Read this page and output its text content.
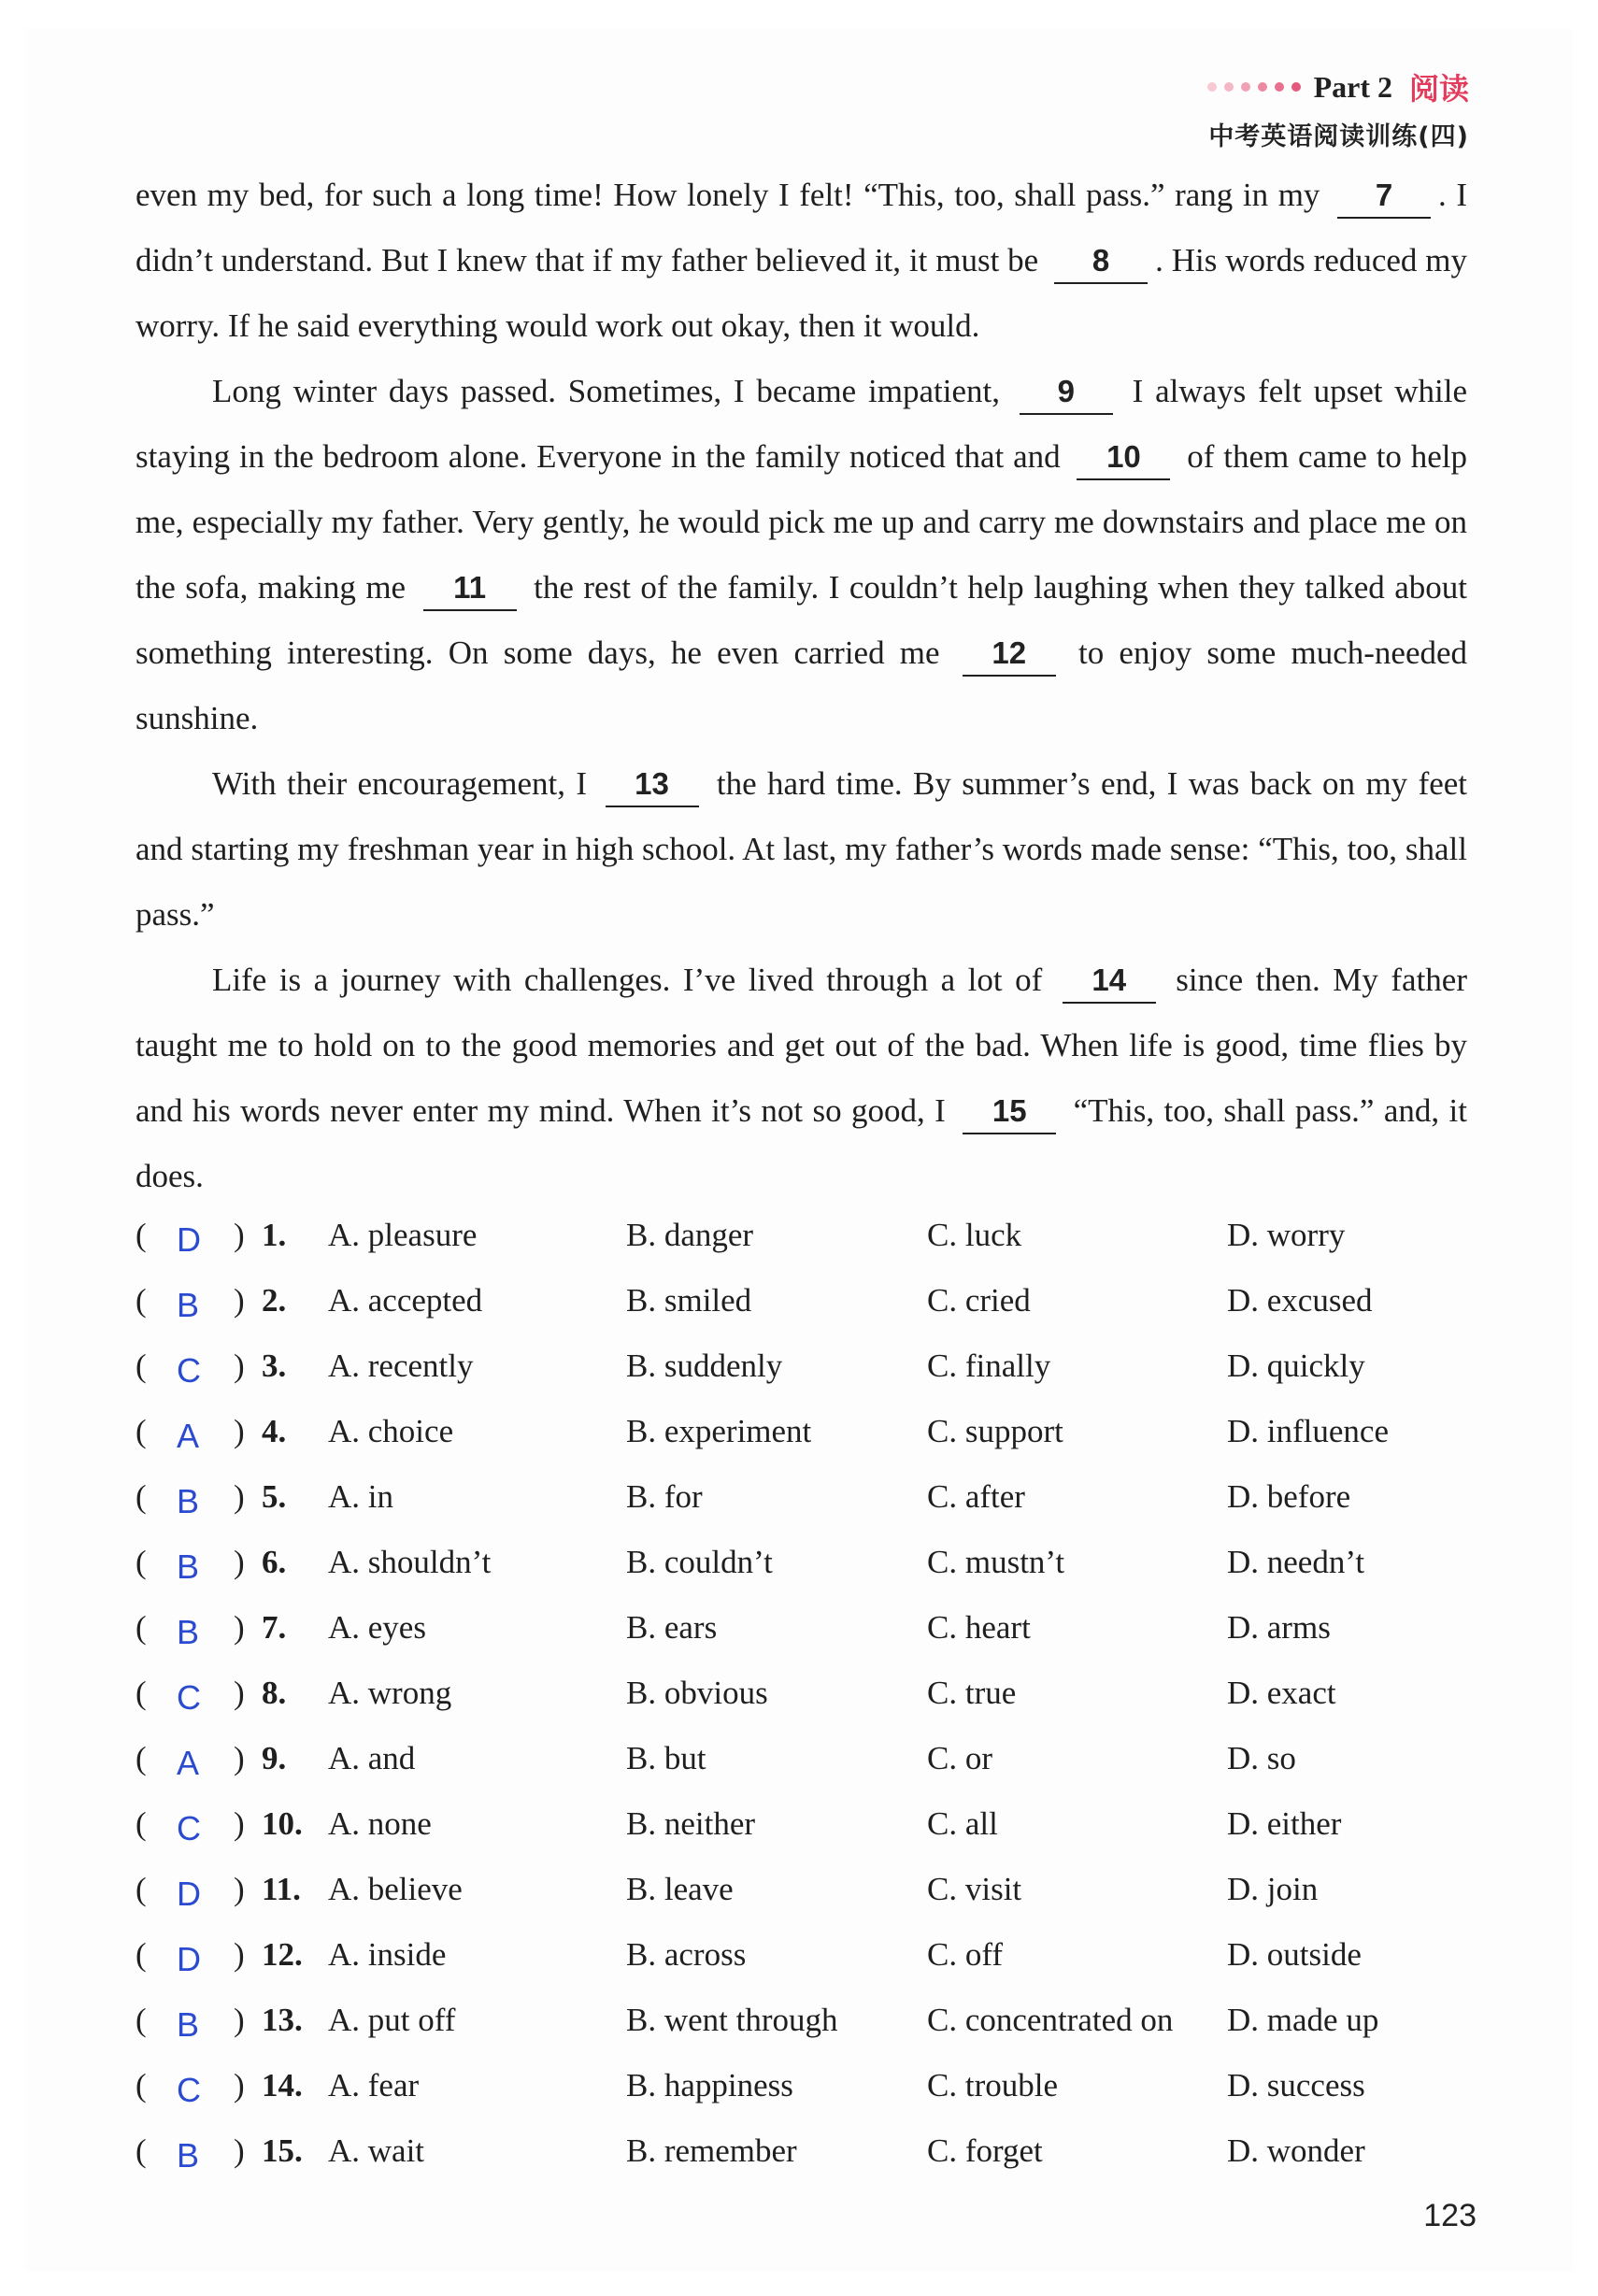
Part 2 阅读
中考英语阅读训练(四)

even my bed, for such a long time! How lonely I felt! “This, too, shall pass.” rang in my 7 . I didn’t understand. But I knew that if my father believed it, it must be 8 . His words reduced my worry. If he said everything would work out okay, then it would.

Long winter days passed. Sometimes, I became impatient, 9 I always felt upset while staying in the bedroom alone. Everyone in the family noticed that and 10 of them came to help me, especially my father. Very gently, he would pick me up and carry me downstairs and place me on the sofa, making me 11 the rest of the family. I couldn’t help laughing when they talked about something interesting. On some days, he even carried me 12 to enjoy some much-needed sunshine.

With their encouragement, I 13 the hard time. By summer’s end, I was back on my feet and starting my freshman year in high school. At last, my father’s words made sense: “This, too, shall pass.”

Life is a journey with challenges. I’ve lived through a lot of 14 since then. My father taught me to hold on to the good memories and get out of the bad. When life is good, time flies by and his words never enter my mind. When it’s not so good, I 15 “This, too, shall pass.” and, it does.

( D ) 1. A. pleasure	B. danger	C. luck	D. worry
( B ) 2. A. accepted	B. smiled	C. cried	D. excused
( C ) 3. A. recently	B. suddenly	C. finally	D. quickly
( A ) 4. A. choice	B. experiment	C. support	D. influence
( B ) 5. A. in	B. for	C. after	D. before
( B ) 6. A. shouldn’t	B. couldn’t	C. mustn’t	D. needn’t
( B ) 7. A. eyes	B. ears	C. heart	D. arms
( C ) 8. A. wrong	B. obvious	C. true	D. exact
( A ) 9. A. and	B. but	C. or	D. so
( C ) 10. A. none	B. neither	C. all	D. either
( D ) 11. A. believe	B. leave	C. visit	D. join
( D ) 12. A. inside	B. across	C. off	D. outside
( B ) 13. A. put off	B. went through	C. concentrated on D. made up
( C ) 14. A. fear	B. happiness	C. trouble	D. success
( B ) 15. A. wait	B. remember	C. forget	D. wonder
123
